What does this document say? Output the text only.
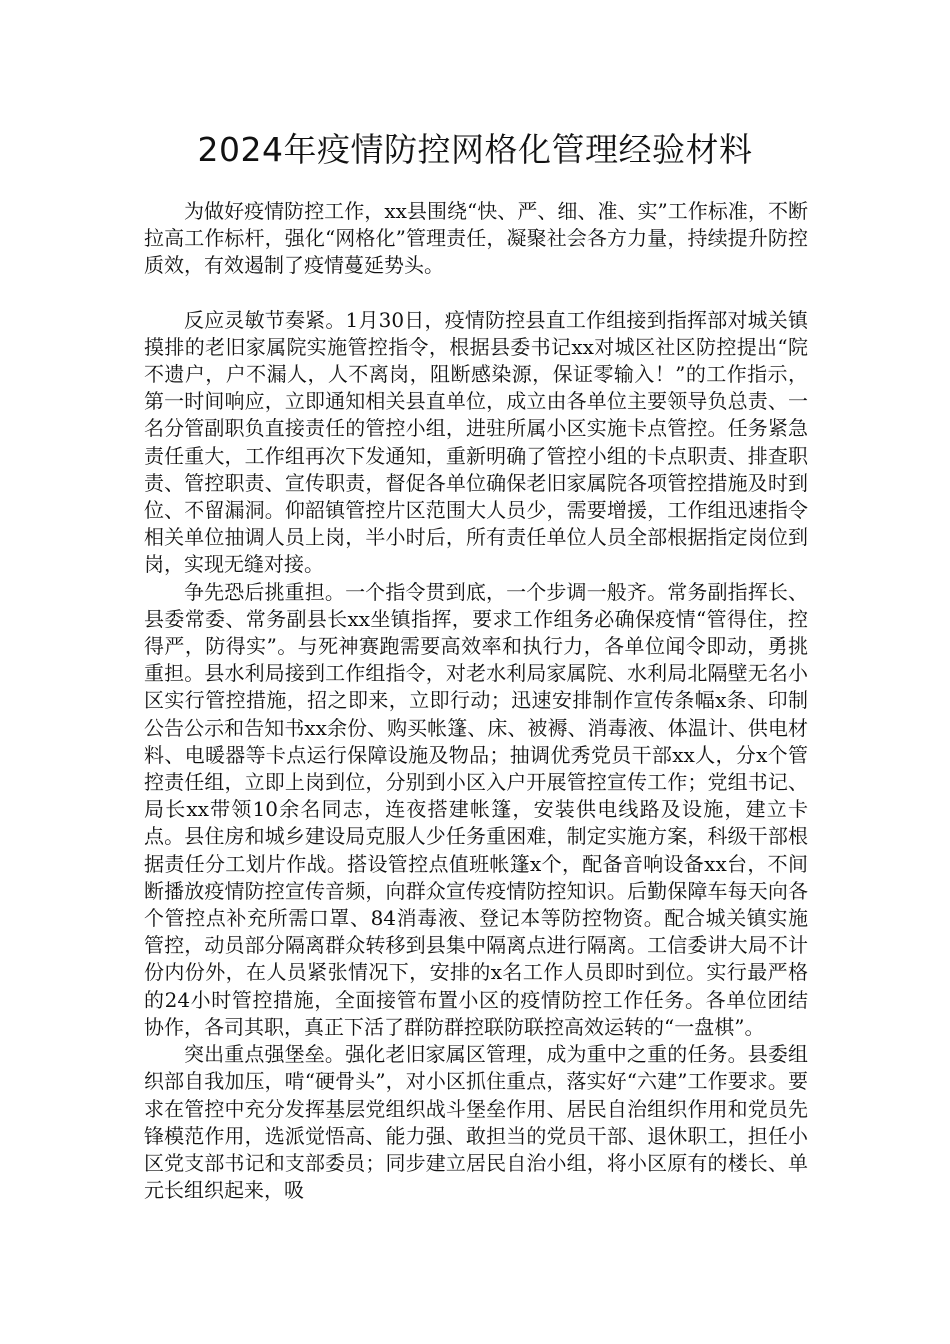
2024年疫情防控网格化管理经验材料

为做好疫情防控工作，xx县围绕“快、严、细、准、实”工作标准，不断拉高工作标杆，强化“网格化”管理责任，凝聚社会各方力量，持续提升防控质效，有效遏制了疫情蔓延势头。

反应灵敏节奏紧。1月30日，疫情防控县直工作组接到指挥部对城关镇摸排的老旧家属院实施管控指令，根据县委书记xx对城区社区防控提出“院不遗户，户不漏人，人不离岗，阻断感染源，保证零输入！”的工作指示，第一时间响应，立即通知相关县直单位，成立由各单位主要领导负总责、一名分管副职负直接责任的管控小组，进驻所属小区实施卡点管控。任务紧急责任重大，工作组再次下发通知，重新明确了管控小组的卡点职责、排查职责、管控职责、宣传职责，督促各单位确保老旧家属院各项管控措施及时到位、不留漏洞。仰韶镇管控片区范围大人员少，需要增援，工作组迅速指令相关单位抽调人员上岗，半小时后，所有责任单位人员全部根据指定岗位到岗，实现无缝对接。

争先恐后挑重担。一个指令贯到底，一个步调一般齐。常务副指挥长、县委常委、常务副县长xx坐镇指挥，要求工作组务必确保疫情“管得住，控得严，防得实”。与死神赛跑需要高效率和执行力，各单位闻令即动，勇挑重担。县水利局接到工作组指令，对老水利局家属院、水利局北隔壁无名小区实行管控措施，招之即来，立即行动；迅速安排制作宣传条幅x条、印制公告公示和告知书xx余份、购买帐篷、床、被褥、消毒液、体温计、供电材料、电暖器等卡点运行保障设施及物品；抽调优秀党员干部xx人，分x个管控责任组，立即上岗到位，分别到小区入户开展管控宣传工作；党组书记、局长xx带领10余名同志，连夜搭建帐篷，安装供电线路及设施，建立卡点。县住房和城乡建设局克服人少任务重困难，制定实施方案，科级干部根据责任分工划片作战。搭设管控点值班帐篷x个，配备音响设备xx台，不间断播放疫情防控宣传音频，向群众宣传疫情防控知识。后勤保障车每天向各个管控点补充所需口罩、84消毒液、登记本等防控物资。配合城关镇实施管控，动员部分隔离群众转移到县集中隔离点进行隔离。工信委讲大局不计份内份外，在人员紧张情况下，安排的x名工作人员即时到位。实行最严格的24小时管控措施，全面接管布置小区的疫情防控工作任务。各单位团结协作，各司其职，真正下活了群防群控联防联控高效运转的“一盘棋”。

突出重点强堡垒。强化老旧家属区管理，成为重中之重的任务。县委组织部自我加压，啃“硬骨头”，对小区抓住重点，落实好“六建”工作要求。要求在管控中充分发挥基层党组织战斗堡垒作用、居民自治组织作用和党员先锋模范作用，选派觉悟高、能力强、敢担当的党员干部、退休职工，担任小区党支部书记和支部委员；同步建立居民自治小组，将小区原有的楼长、单元长组织起来，吸
